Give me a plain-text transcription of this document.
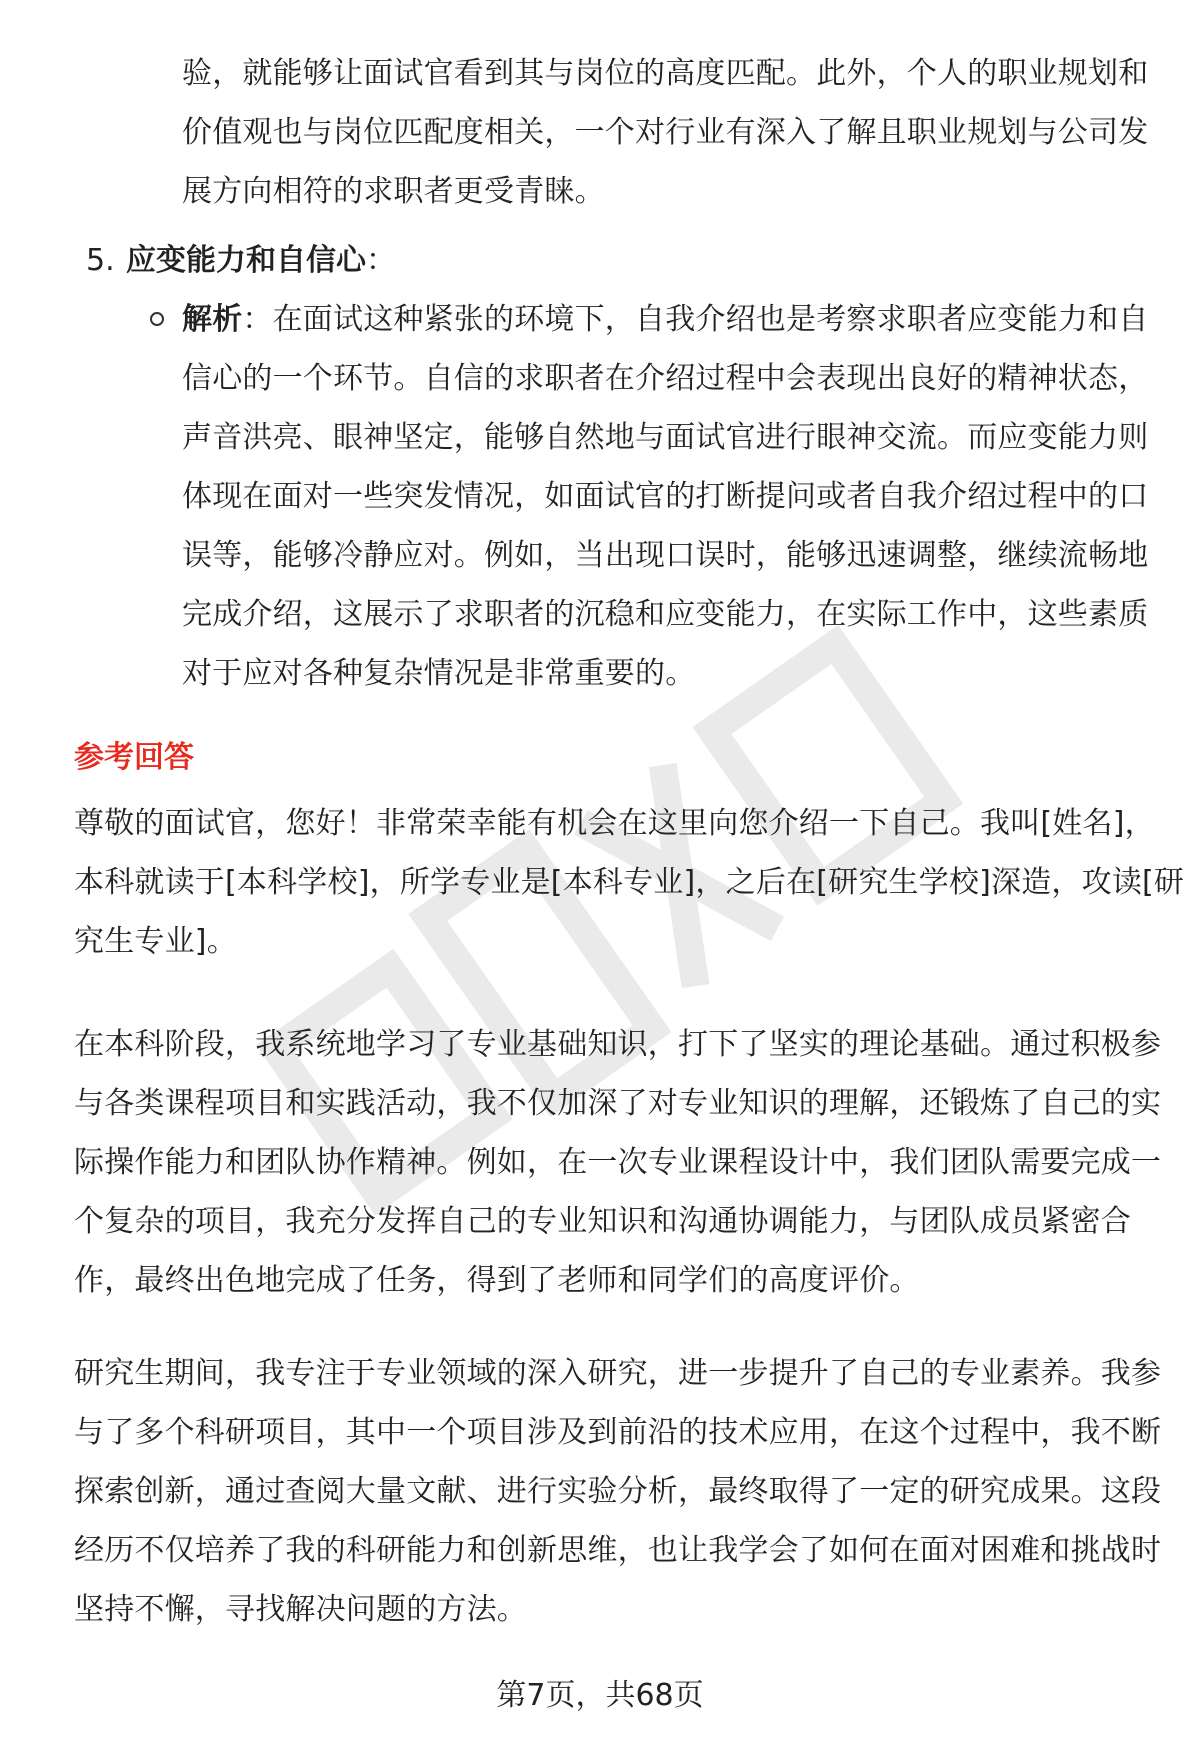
验，就能够让面试官看到其与岗位的高度匹配。此外，个人的职业规划和
价值观也与岗位匹配度相关，一个对行业有深入了解且职业规划与公司发
展方向相符的求职者更受青睐。
5. 应变能力和自信心：
解析：在面试这种紧张的环境下，自我介绍也是考察求职者应变能力和自
信心的一个环节。自信的求职者在介绍过程中会表现出良好的精神状态，
声音洪亮、眼神坚定，能够自然地与面试官进行眼神交流。而应变能力则
体现在面对一些突发情况，如面试官的打断提问或者自我介绍过程中的口
误等，能够冷静应对。例如，当出现口误时，能够迅速调整，继续流畅地
完成介绍，这展示了求职者的沉稳和应变能力，在实际工作中，这些素质
对于应对各种复杂情况是非常重要的。
参考回答
尊敬的面试官，您好！非常荣幸能有机会在这里向您介绍一下自己。我叫[姓名]，
本科就读于[本科学校]，所学专业是[本科专业]，之后在[研究生学校]深造，攻读[研
究生专业]。
在本科阶段，我系统地学习了专业基础知识，打下了坚实的理论基础。通过积极参
与各类课程项目和实践活动，我不仅加深了对专业知识的理解，还锻炼了自己的实
际操作能力和团队协作精神。例如，在一次专业课程设计中，我们团队需要完成一
个复杂的项目，我充分发挥自己的专业知识和沟通协调能力，与团队成员紧密合
作，最终出色地完成了任务，得到了老师和同学们的高度评价。
研究生期间，我专注于专业领域的深入研究，进一步提升了自己的专业素养。我参
与了多个科研项目，其中一个项目涉及到前沿的技术应用，在这个过程中，我不断
探索创新，通过查阅大量文献、进行实验分析，最终取得了一定的研究成果。这段
经历不仅培养了我的科研能力和创新思维，也让我学会了如何在面对困难和挑战时
坚持不懈，寻找解决问题的方法。
第7页，共68页
